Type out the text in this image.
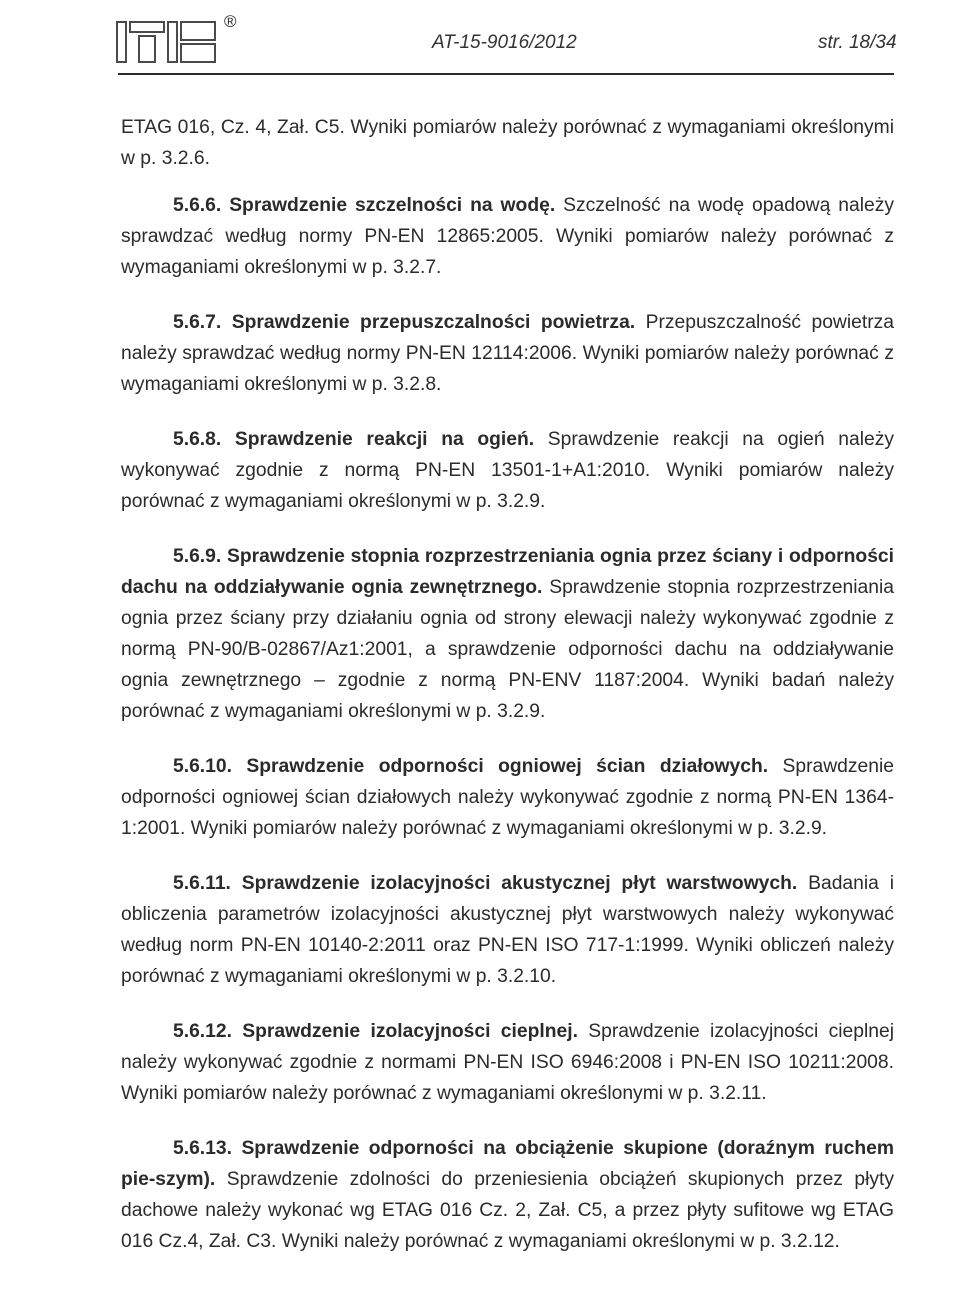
®
AT-15-9016/2012	str. 18/34

ETAG 016, Cz. 4, Zał. C5. Wyniki pomiarów należy porównać z wymaganiami określonymi w p. 3.2.6.

5.6.6. Sprawdzenie szczelności na wodę. Szczelność na wodę opadową należy sprawdzać według normy PN-EN 12865:2005. Wyniki pomiarów należy porównać z wymaganiami określonymi w p. 3.2.7.

5.6.7. Sprawdzenie przepuszczalności powietrza. Przepuszczalność powietrza należy sprawdzać według normy PN-EN 12114:2006. Wyniki pomiarów należy porównać z wymaganiami określonymi w p. 3.2.8.

5.6.8. Sprawdzenie reakcji na ogień. Sprawdzenie reakcji na ogień należy wykonywać zgodnie z normą PN-EN 13501-1+A1:2010. Wyniki pomiarów należy porównać z wymaganiami określonymi w p. 3.2.9.

5.6.9. Sprawdzenie stopnia rozprzestrzeniania ognia przez ściany i odporności dachu na oddziaływanie ognia zewnętrznego. Sprawdzenie stopnia rozprzestrzeniania ognia przez ściany przy działaniu ognia od strony elewacji należy wykonywać zgodnie z normą PN-90/B-02867/Az1:2001, a sprawdzenie odporności dachu na oddziaływanie ognia zewnętrznego – zgodnie z normą PN-ENV 1187:2004. Wyniki badań należy porównać z wymaganiami określonymi w p. 3.2.9.

5.6.10. Sprawdzenie odporności ogniowej ścian działowych. Sprawdzenie odporności ogniowej ścian działowych należy wykonywać zgodnie z normą PN-EN 1364-1:2001. Wyniki pomiarów należy porównać z wymaganiami określonymi w p. 3.2.9.

5.6.11. Sprawdzenie izolacyjności akustycznej płyt warstwowych. Badania i obliczenia parametrów izolacyjności akustycznej płyt warstwowych należy wykonywać według norm PN-EN 10140-2:2011 oraz PN-EN ISO 717-1:1999. Wyniki obliczeń należy porównać z wymaganiami określonymi w p. 3.2.10.

5.6.12. Sprawdzenie izolacyjności cieplnej. Sprawdzenie izolacyjności cieplnej należy wykonywać zgodnie z normami PN-EN ISO 6946:2008 i PN-EN ISO 10211:2008. Wyniki pomiarów należy porównać z wymaganiami określonymi w p. 3.2.11.

5.6.13. Sprawdzenie odporności na obciążenie skupione (doraźnym ruchem pie-szym). Sprawdzenie zdolności do przeniesienia obciążeń skupionych przez płyty dachowe należy wykonać wg ETAG 016 Cz. 2, Zał. C5, a przez płyty sufitowe wg ETAG 016 Cz.4, Zał. C3. Wyniki należy porównać z wymaganiami określonymi w p. 3.2.12.
